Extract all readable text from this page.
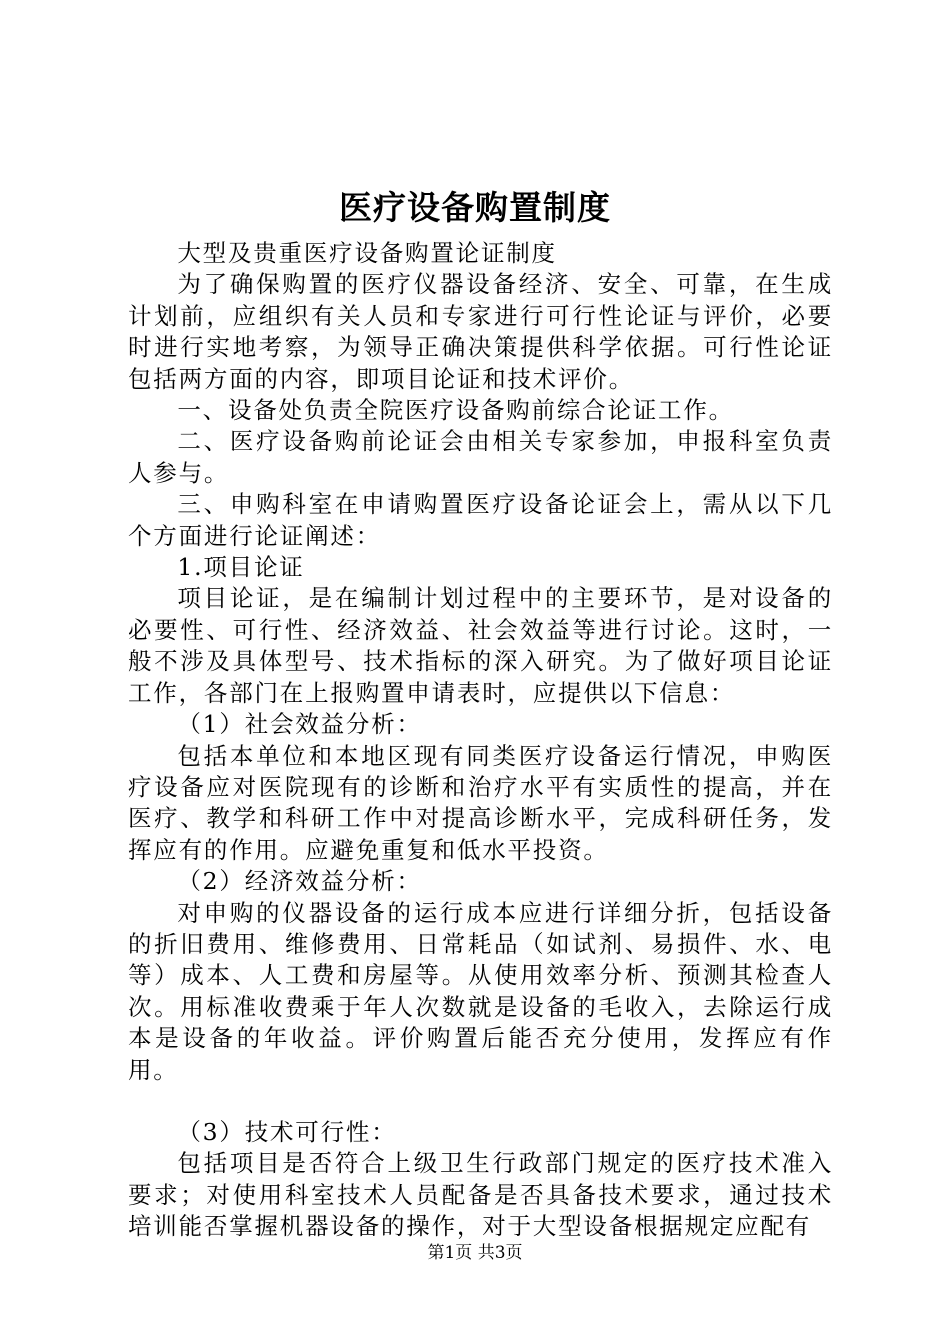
医疗设备购置制度

大型及贵重医疗设备购置论证制度

为了确保购置的医疗仪器设备经济、安全、可靠，在生成计划前，应组织有关人员和专家进行可行性论证与评价，必要时进行实地考察，为领导正确决策提供科学依据。可行性论证包括两方面的内容，即项目论证和技术评价。

一、设备处负责全院医疗设备购前综合论证工作。

二、医疗设备购前论证会由相关专家参加，申报科室负责人参与。

三、申购科室在申请购置医疗设备论证会上，需从以下几个方面进行论证阐述：

1.项目论证

项目论证，是在编制计划过程中的主要环节，是对设备的必要性、可行性、经济效益、社会效益等进行讨论。这时，一般不涉及具体型号、技术指标的深入研究。为了做好项目论证工作，各部门在上报购置申请表时，应提供以下信息：

（1）社会效益分析：

包括本单位和本地区现有同类医疗设备运行情况，申购医疗设备应对医院现有的诊断和治疗水平有实质性的提高，并在医疗、教学和科研工作中对提高诊断水平，完成科研任务，发挥应有的作用。应避免重复和低水平投资。

（2）经济效益分析：

对申购的仪器设备的运行成本应进行详细分折，包括设备的折旧费用、维修费用、日常耗品（如试剂、易损件、水、电等）成本、人工费和房屋等。从使用效率分析、预测其检查人次。用标准收费乘于年人次数就是设备的毛收入，去除运行成本是设备的年收益。评价购置后能否充分使用，发挥应有作用。

（3）技术可行性：

包括项目是否符合上级卫生行政部门规定的医疗技术准入要求；对使用科室技术人员配备是否具备技术要求，通过技术培训能否掌握机器设备的操作，对于大型设备根据规定应配有

第1页 共3页
